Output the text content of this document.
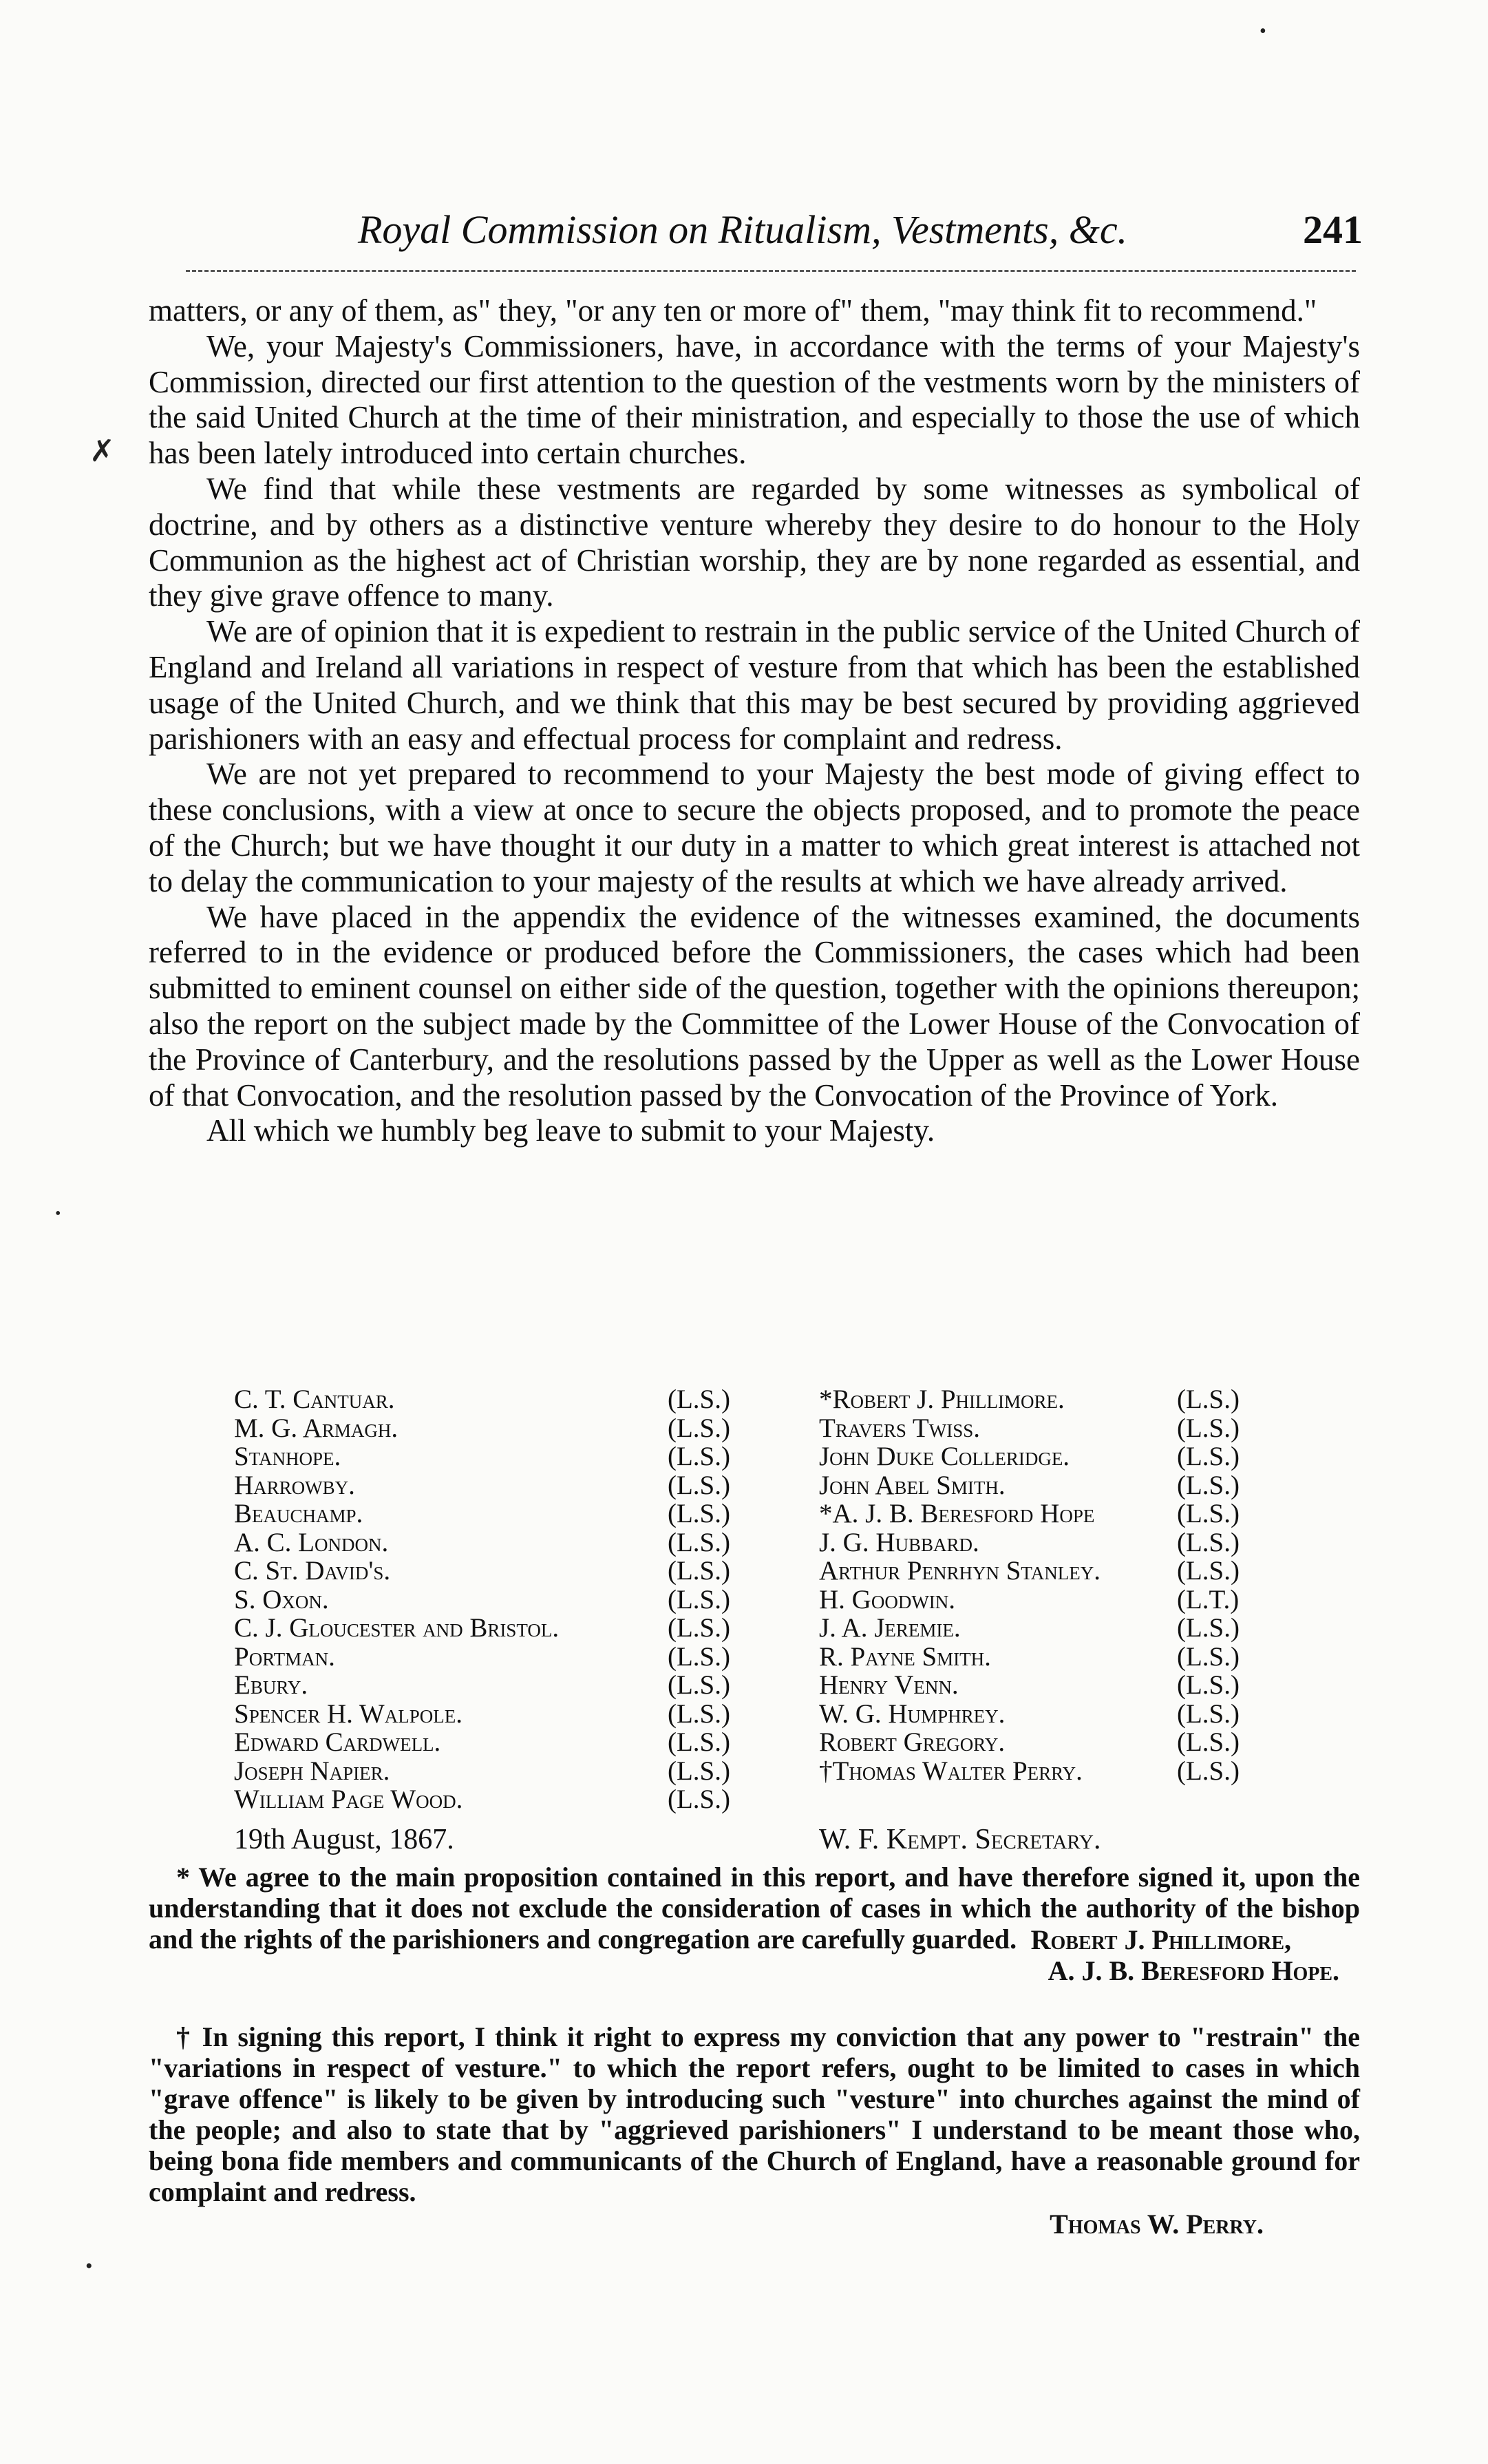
Royal Commission on Ritualism, Vestments, &c.	241

matters, or any of them, as" they, "or any ten or more of" them, "may think fit to recommend."

We, your Majesty's Commissioners, have, in accordance with the terms of your Majesty's Commission, directed our first attention to the question of the vestments worn by the ministers of the said United Church at the time of their ministration, and especially to those the use of which has been lately introduced into certain churches.

We find that while these vestments are regarded by some witnesses as symbolical of doctrine, and by others as a distinctive venture whereby they desire to do honour to the Holy Communion as the highest act of Christian worship, they are by none regarded as essential, and they give grave offence to many.

We are of opinion that it is expedient to restrain in the public service of the United Church of England and Ireland all variations in respect of vesture from that which has been the established usage of the United Church, and we think that this may be best secured by providing aggrieved parishioners with an easy and effectual process for complaint and redress.

We are not yet prepared to recommend to your Majesty the best mode of giving effect to these conclusions, with a view at once to secure the objects proposed, and to promote the peace of the Church; but we have thought it our duty in a matter to which great interest is attached not to delay the communication to your majesty of the results at which we have already arrived.

We have placed in the appendix the evidence of the witnesses examined, the documents referred to in the evidence or produced before the Commissioners, the cases which had been submitted to eminent counsel on either side of the question, together with the opinions thereupon; also the report on the subject made by the Committee of the Lower House of the Convocation of the Province of Canterbury, and the resolutions passed by the Upper as well as the Lower House of that Convocation, and the resolution passed by the Convocation of the Province of York.

All which we humbly beg leave to submit to your Majesty.

C. T. Cantuar.	(L.S.)	*Robert J. Phillimore.	(L.S.)
M. G. Armagh.	(L.S.)	Travers Twiss.	(L.S.)
Stanhope.	(L.S.)	John Duke Colleridge.	(L.S.)
Harrowby.	(L.S.)	John Abel Smith.	(L.S.)
Beauchamp.	(L.S.)	*A. J. B. Beresford Hope	(L.S.)
A. C. London.	(L.S.)	J. G. Hubbard.	(L.S.)
C. St. David's.	(L.S.)	Arthur Penrhyn Stanley.	(L.S.)
S. Oxon.	(L.S.)	H. Goodwin.	(L.T.)
C. J. Gloucester and Bristol.	(L.S.)	J. A. Jeremie.	(L.S.)
Portman.	(L.S.)	R. Payne Smith.	(L.S.)
Ebury.	(L.S.)	Henry Venn.	(L.S.)
Spencer H. Walpole.	(L.S.)	W. G. Humphrey.	(L.S.)
Edward Cardwell.	(L.S.)	Robert Gregory.	(L.S.)
Joseph Napier.	(L.S.)	†Thomas Walter Perry.	(L.S.)
William Page Wood.	(L.S.)
19th August, 1867.	W. F. Kempt. Secretary.

* We agree to the main proposition contained in this report, and have therefore signed it, upon the understanding that it does not exclude the consideration of cases in which the authority of the bishop and the rights of the parishioners and congregation are carefully guarded. Robert J. Phillimore,
A. J. B. Beresford Hope.

† In signing this report, I think it right to express my conviction that any power to "restrain" the "variations in respect of vesture." to which the report refers, ought to be limited to cases in which "grave offence" is likely to be given by introducing such "vesture" into churches against the mind of the people; and also to state that by "aggrieved parishioners" I understand to be meant those who, being bona fide members and communicants of the Church of England, have a reasonable ground for complaint and redress.

Thomas W. Perry.
•
✗
•
•
